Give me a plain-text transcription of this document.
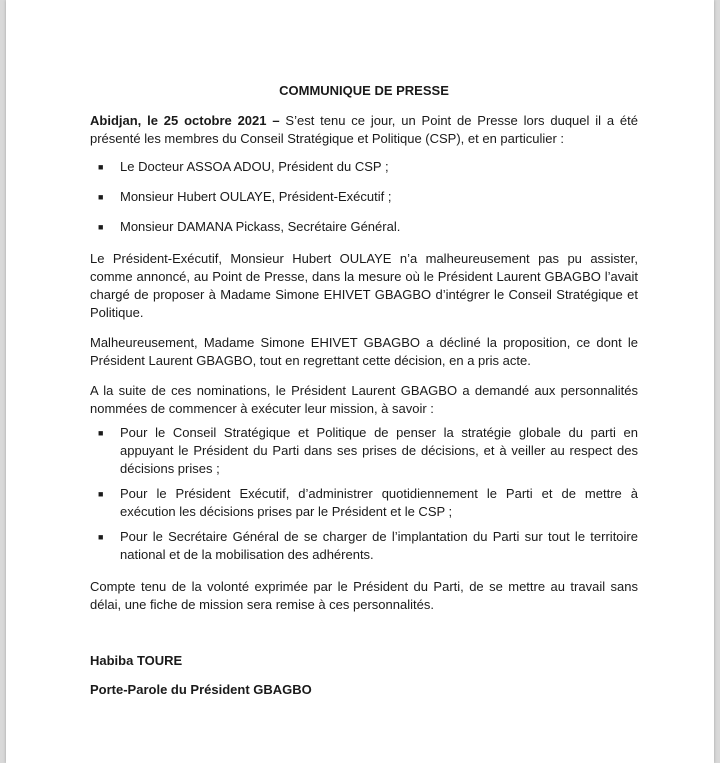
COMMUNIQUE DE PRESSE

Abidjan, le 25 octobre 2021 – S’est tenu ce jour, un Point de Presse lors duquel il a été présenté les membres du Conseil Stratégique et Politique (CSP), et en particulier :

■ Le Docteur ASSOA ADOU, Président du CSP ;
■ Monsieur Hubert OULAYE, Président-Exécutif ;
■ Monsieur DAMANA Pickass, Secrétaire Général.

Le Président-Exécutif, Monsieur Hubert OULAYE n’a malheureusement pas pu assister, comme annoncé, au Point de Presse, dans la mesure où le Président Laurent GBAGBO l’avait chargé de proposer à Madame Simone EHIVET GBAGBO d’intégrer le Conseil Stratégique et Politique.

Malheureusement, Madame Simone EHIVET GBAGBO a décliné la proposition, ce dont le Président Laurent GBAGBO, tout en regrettant cette décision, en a pris acte.

A la suite de ces nominations, le Président Laurent GBAGBO a demandé aux personnalités nommées de commencer à exécuter leur mission, à savoir :

■ Pour le Conseil Stratégique et Politique de penser la stratégie globale du parti en appuyant le Président du Parti dans ses prises de décisions, et à veiller au respect des décisions prises ;
■ Pour le Président Exécutif, d’administrer quotidiennement le Parti et de mettre à exécution les décisions prises par le Président et le CSP ;
■ Pour le Secrétaire Général de se charger de l’implantation du Parti sur tout le territoire national et de la mobilisation des adhérents.

Compte tenu de la volonté exprimée par le Président du Parti, de se mettre au travail sans délai, une fiche de mission sera remise à ces personnalités.

Habiba TOURE
Porte-Parole du Président GBAGBO
